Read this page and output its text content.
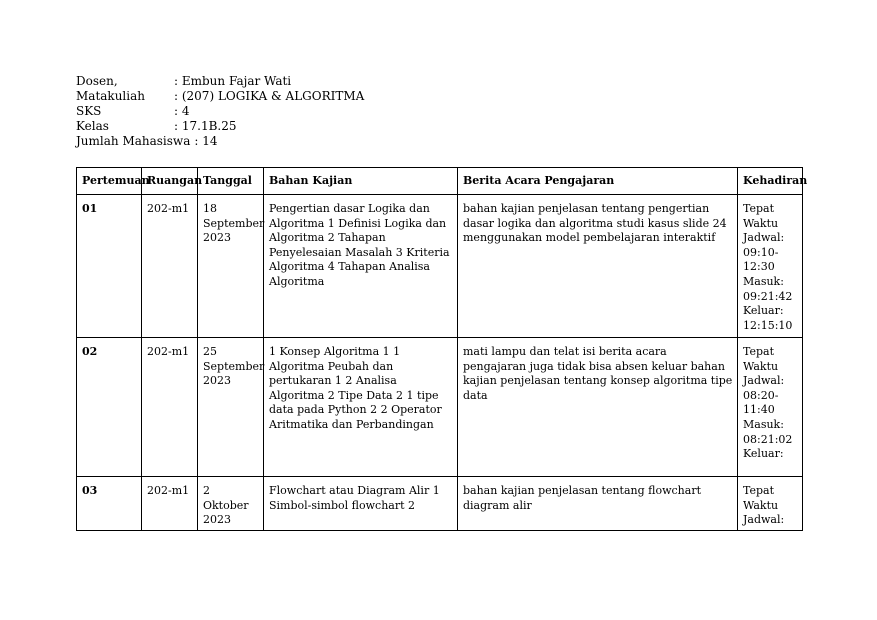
Dosen,	: Embun Fajar Wati
Matakuliah	: (207) LOGIKA & ALGORITMA
SKS	: 4
Kelas	: 17.1B.25
Jumlah Mahasiswa : 14
Pertemuan	Ruangan	Tanggal	Bahan Kajian	Berita Acara Pengajaran	Kehadiran
01	202-m1	18 September 2023	Pengertian dasar Logika dan Algoritma 1 Definisi Logika dan Algoritma 2 Tahapan Penyelesaian Masalah 3 Kriteria Algoritma 4 Tahapan Analisa Algoritma	bahan kajian penjelasan tentang pengertian dasar logika dan algoritma studi kasus slide 24 menggunakan model pembelajaran interaktif	Tepat Waktu Jadwal: 09:10-12:30 Masuk: 09:21:42 Keluar: 12:15:10
02	202-m1	25 September 2023	1 Konsep Algoritma 1 1 Algoritma Peubah dan pertukaran 1 2 Analisa Algoritma 2 Tipe Data 2 1 tipe data pada Python 2 2 Operator Aritmatika dan Perbandingan	mati lampu dan telat isi berita acara pengajaran juga tidak bisa absen keluar bahan kajian penjelasan tentang konsep algoritma tipe data	Tepat Waktu Jadwal: 08:20-11:40 Masuk: 08:21:02 Keluar:
03	202-m1	2 Oktober 2023	Flowchart atau Diagram Alir 1 Simbol-simbol flowchart 2	bahan kajian penjelasan tentang flowchart diagram alir	Tepat Waktu Jadwal:
